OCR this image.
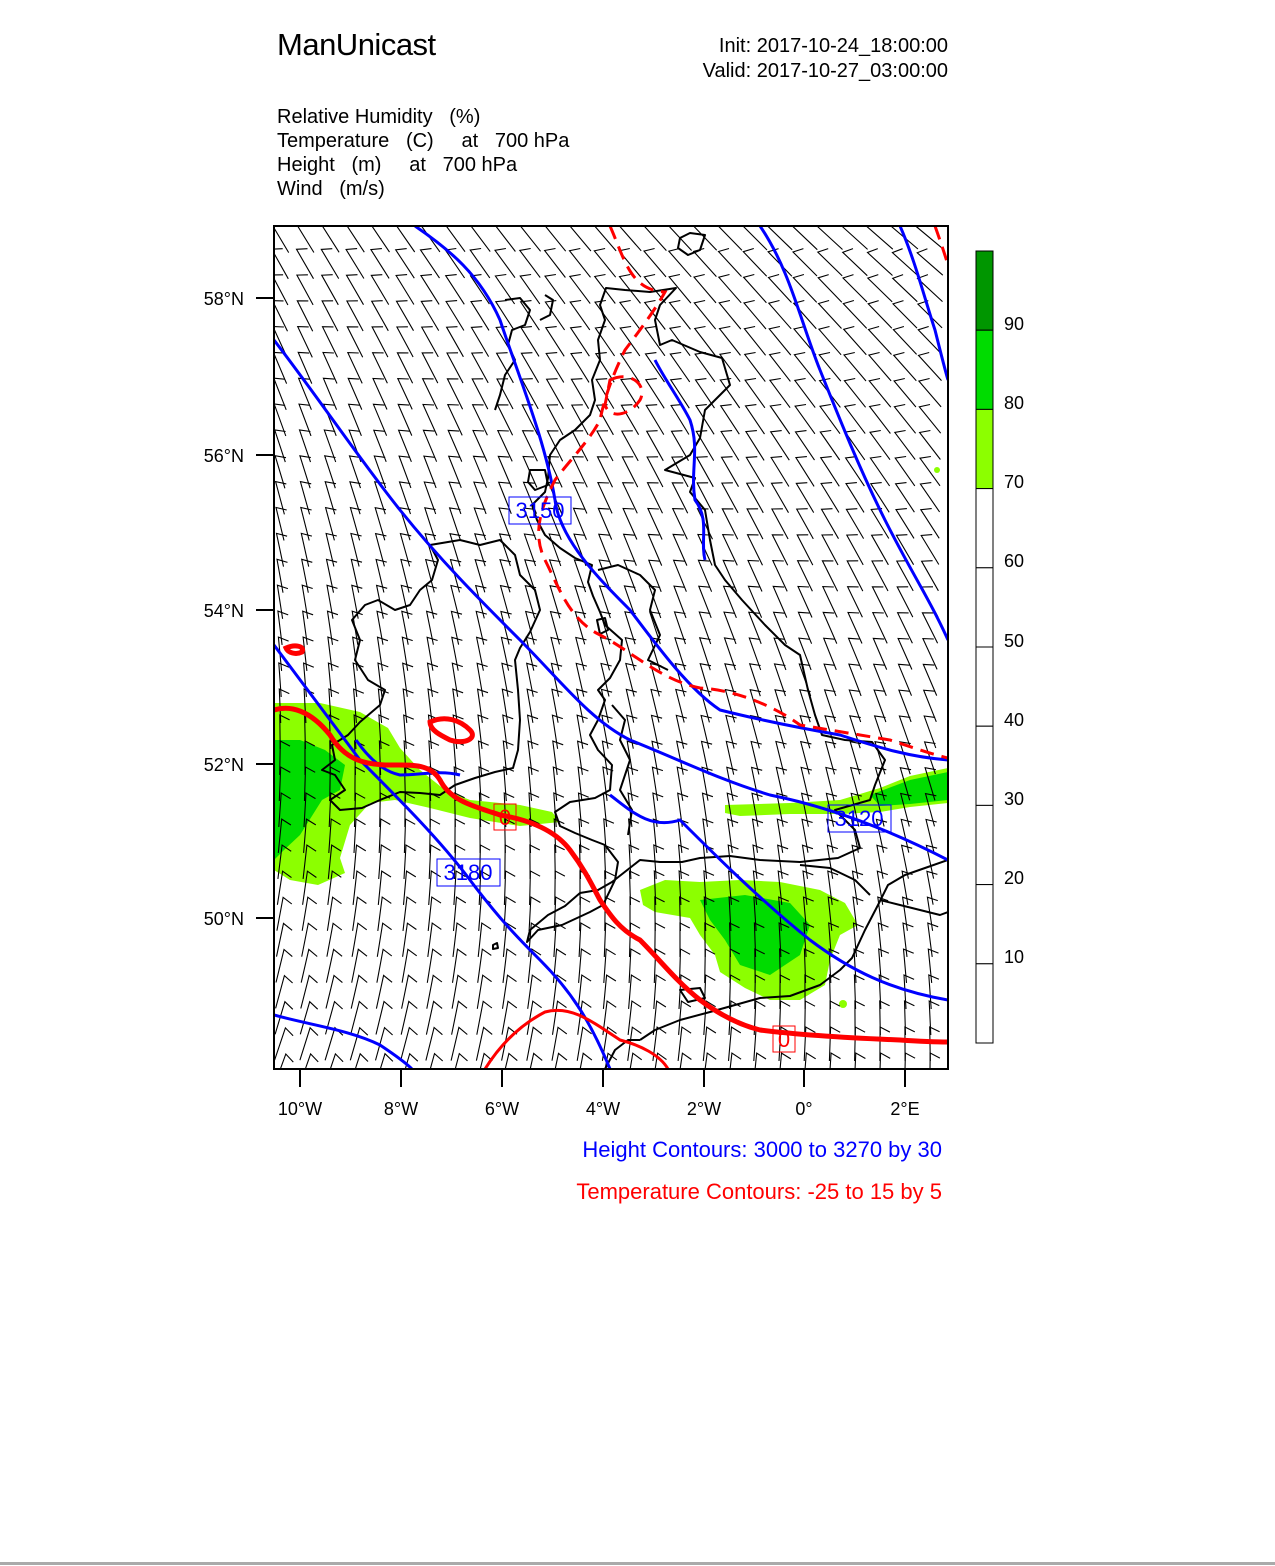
3150
3180
3120
0
0
58°N
56°N
54°N
52°N
50°N
10°W	8°W	6°W	4°W	2°W	0°	2°E
90
80
70
60
50
40
30
20
10
ManUnicast	Init: 2017-10-24_18:00:00
Valid: 2017-10-27_03:00:00
Relative Humidity   (%)
Temperature   (C)     at   700 hPa
Height   (m)     at   700 hPa
Wind   (m/s)
Height Contours: 3000 to 3270 by 30
Temperature Contours: -25 to 15 by 5
